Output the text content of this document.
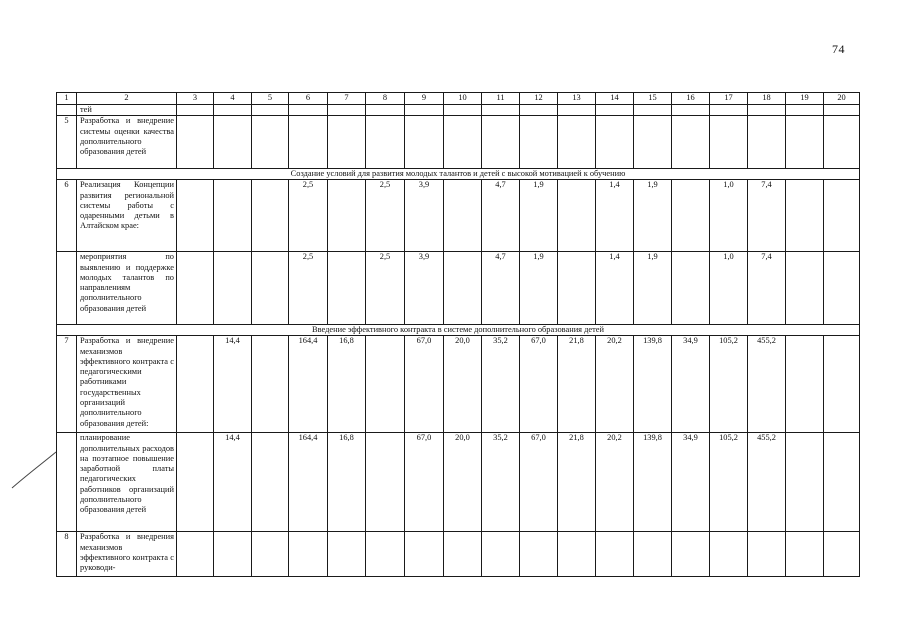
74
1	2	3	4	5	6	7	8	9	10	11	12	13	14	15	16	17	18	19	20
	тей																		
5	Разработка и внедрение системы оценки качества дополнительного образования детей																		
Создание условий для развития молодых талантов и детей с высокой мотивацией к обучению																			
6	Реализация Концепции развития региональной системы работы с одаренными детьми в Алтайском крае:				2,5		2,5	3,9		4,7	1,9		1,4	1,9		1,0	7,4		
	мероприятия по выявлению и поддержке молодых талантов по направлениям дополнительного образования детей				2,5		2,5	3,9		4,7	1,9		1,4	1,9		1,0	7,4		
Введение эффективного контракта в системе дополнительного образования детей																			
7	Разработка и внедрение механизмов эффективного контракта с педагогическими работниками государственных организаций дополнительного образования детей:		14,4		164,4	16,8		67,0	20,0	35,2	67,0	21,8	20,2	139,8	34,9	105,2	455,2		
	планирование дополнительных расходов на поэтапное повышение заработной платы педагогических работников организаций дополнительного образования детей		14,4		164,4	16,8		67,0	20,0	35,2	67,0	21,8	20,2	139,8	34,9	105,2	455,2		
8	Разработка и внедрения механизмов эффективного контракта с руководи-																		
